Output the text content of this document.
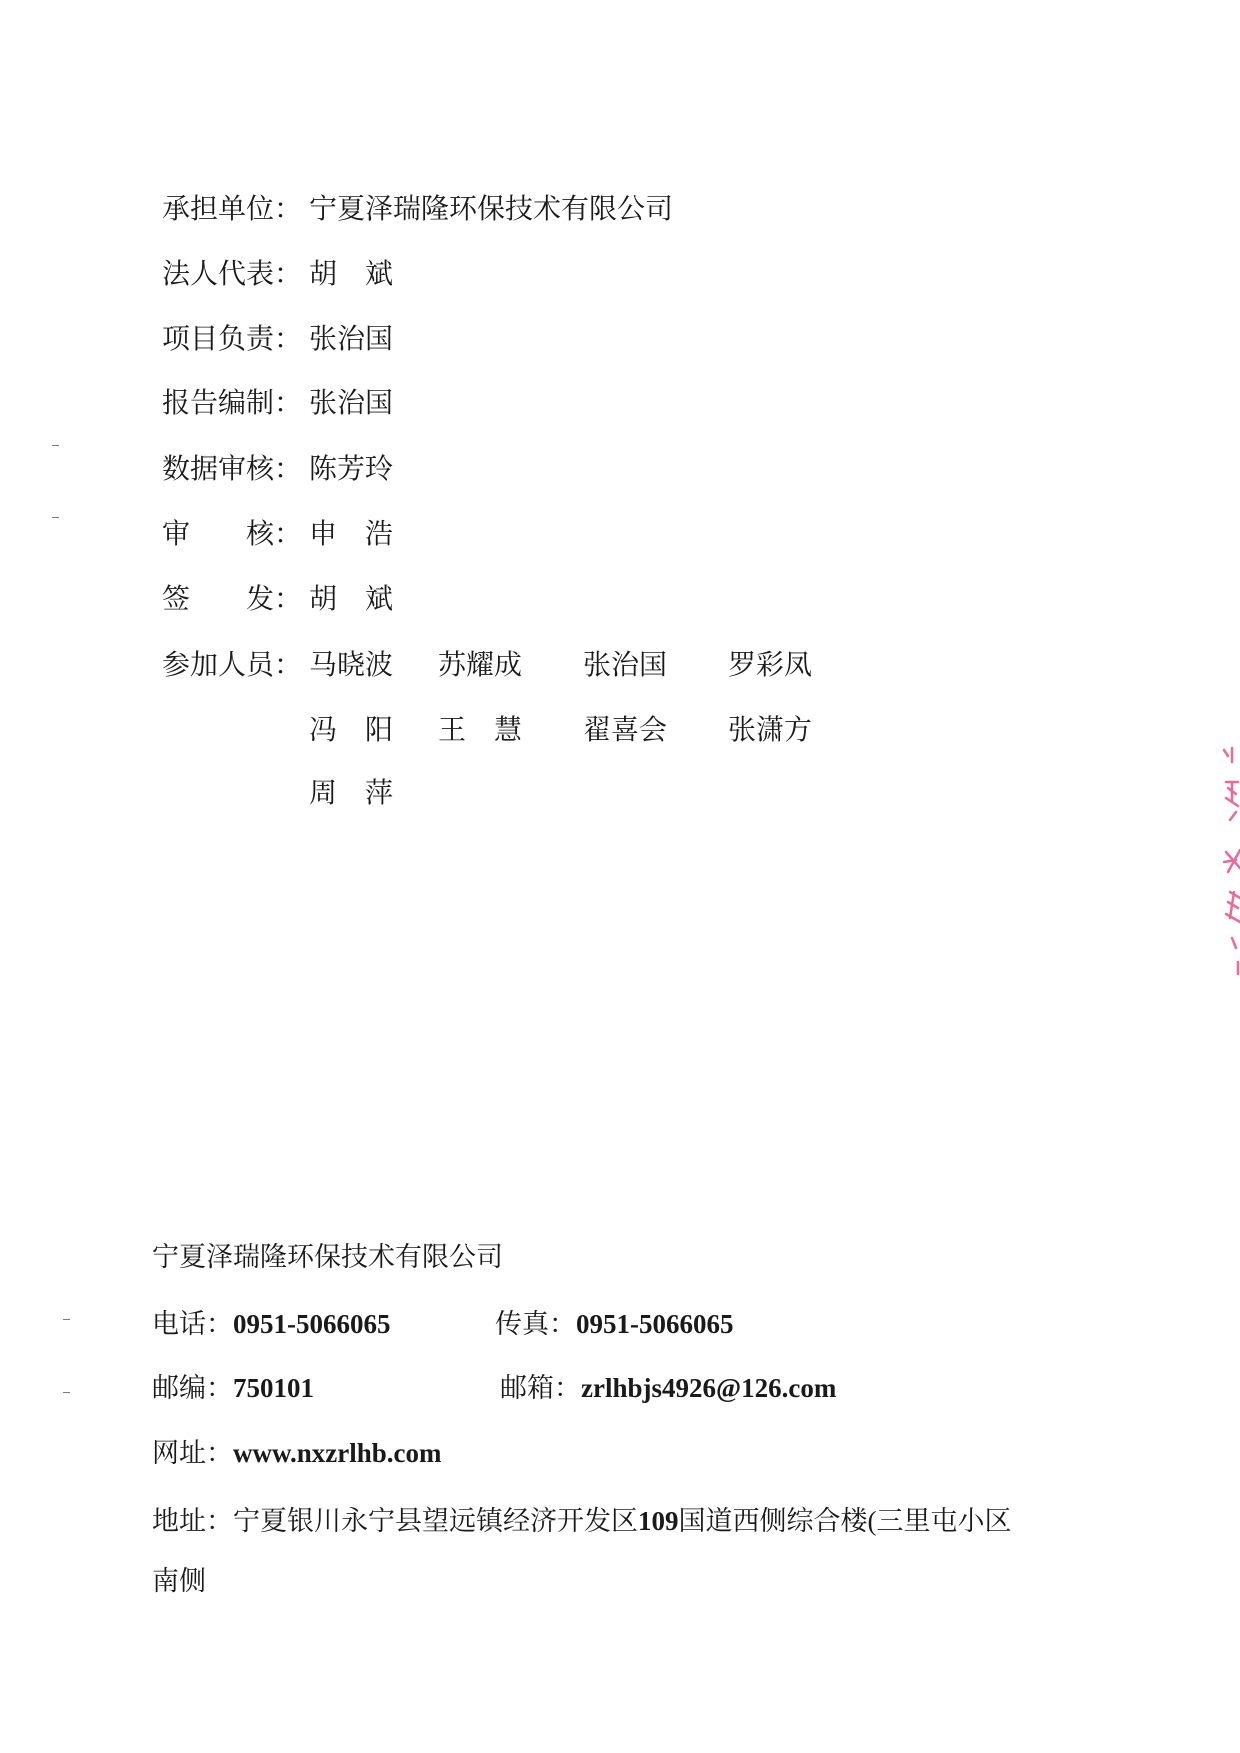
承担单位： 宁夏泽瑞隆环保技术有限公司
法人代表： 胡　斌
项目负责： 张治国
报告编制： 张治国
数据审核： 陈芳玲
审　　核： 申　浩
签　　发： 胡　斌
参加人员： 马晓波 苏耀成 张治国 罗彩凤
冯　阳 王　慧 翟喜会 张潇方
周　萍
宁夏泽瑞隆环保技术有限公司
电话：0951-5066065	传真：0951-5066065
邮编：750101	邮箱：zrlhbjs4926@126.com
网址：www.nxzrlhb.com
地址：宁夏银川永宁县望远镇经济开发区109国道西侧综合楼(三里屯小区
南侧
